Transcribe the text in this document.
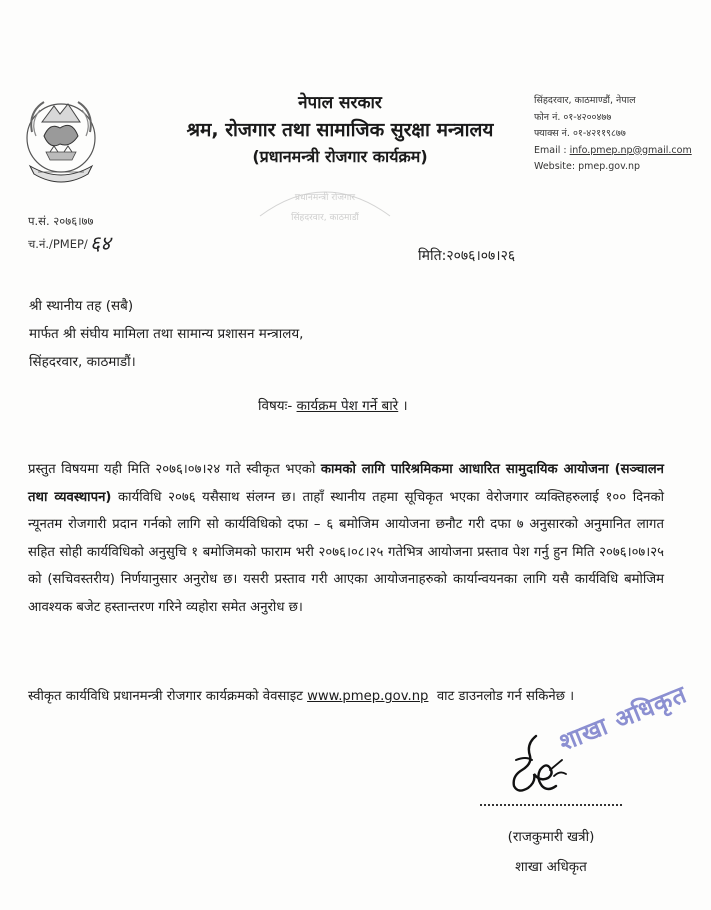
नेपाल सरकार
श्रम, रोजगार तथा सामाजिक सुरक्षा मन्त्रालय
(प्रधानमन्त्री रोजगार कार्यक्रम)
सिंहदरवार, काठमाण्डौं, नेपाल
फोन नं. ०१-४२००४७७
फ्याक्स नं. ०१-४२११९८७७
Email : info.pmep.np@gmail.com
Website: pmep.gov.np
प्रधानमन्त्री रोजगार
सिंहदरवार, काठमाडौं
प.सं. २०७६।७७
च.नं./PMEP/ ६४
मिति:२०७६।०७।२६
श्री स्थानीय तह (सबै)
मार्फत श्री संघीय मामिला तथा सामान्य प्रशासन मन्त्रालय,
सिंहदरवार, काठमाडौं।
विषयः- कार्यक्रम पेश गर्ने बारे ।
प्रस्तुत विषयमा यही मिति २०७६।०७।२४ गते स्वीकृत भएको कामको लागि पारिश्रमिकमा आधारित सामुदायिक आयोजना (सञ्चालन तथा व्यवस्थापन) कार्यविधि २०७६ यसैसाथ संलग्न छ। ताहाँ स्थानीय तहमा सूचिकृत भएका वेरोजगार व्यक्तिहरुलाई १०० दिनको न्यूनतम रोजगारी प्रदान गर्नको लागि सो कार्यविधिको दफा – ६ बमोजिम आयोजना छनौट गरी दफा ७ अनुसारको अनुमानित लागत सहित सोही कार्यविधिको अनुसुचि १ बमोजिमको फाराम भरी २०७६।०८।२५ गतेभित्र आयोजना प्रस्ताव पेश गर्नु हुन मिति २०७६।०७।२५ को (सचिवस्तरीय) निर्णयानुसार अनुरोध छ। यसरी प्रस्ताव गरी आएका आयोजनाहरुको कार्यान्वयनका लागि यसै कार्यविधि बमोजिम आवश्यक बजेट हस्तान्तरण गरिने व्यहोरा समेत अनुरोध छ।
स्वीकृत कार्यविधि प्रधानमन्त्री रोजगार कार्यक्रमको वेवसाइट www.pmep.gov.np  वाट डाउनलोड गर्न सकिनेछ ।
शाखा अधिकृत
(राजकुमारी खत्री)
शाखा अधिकृत
